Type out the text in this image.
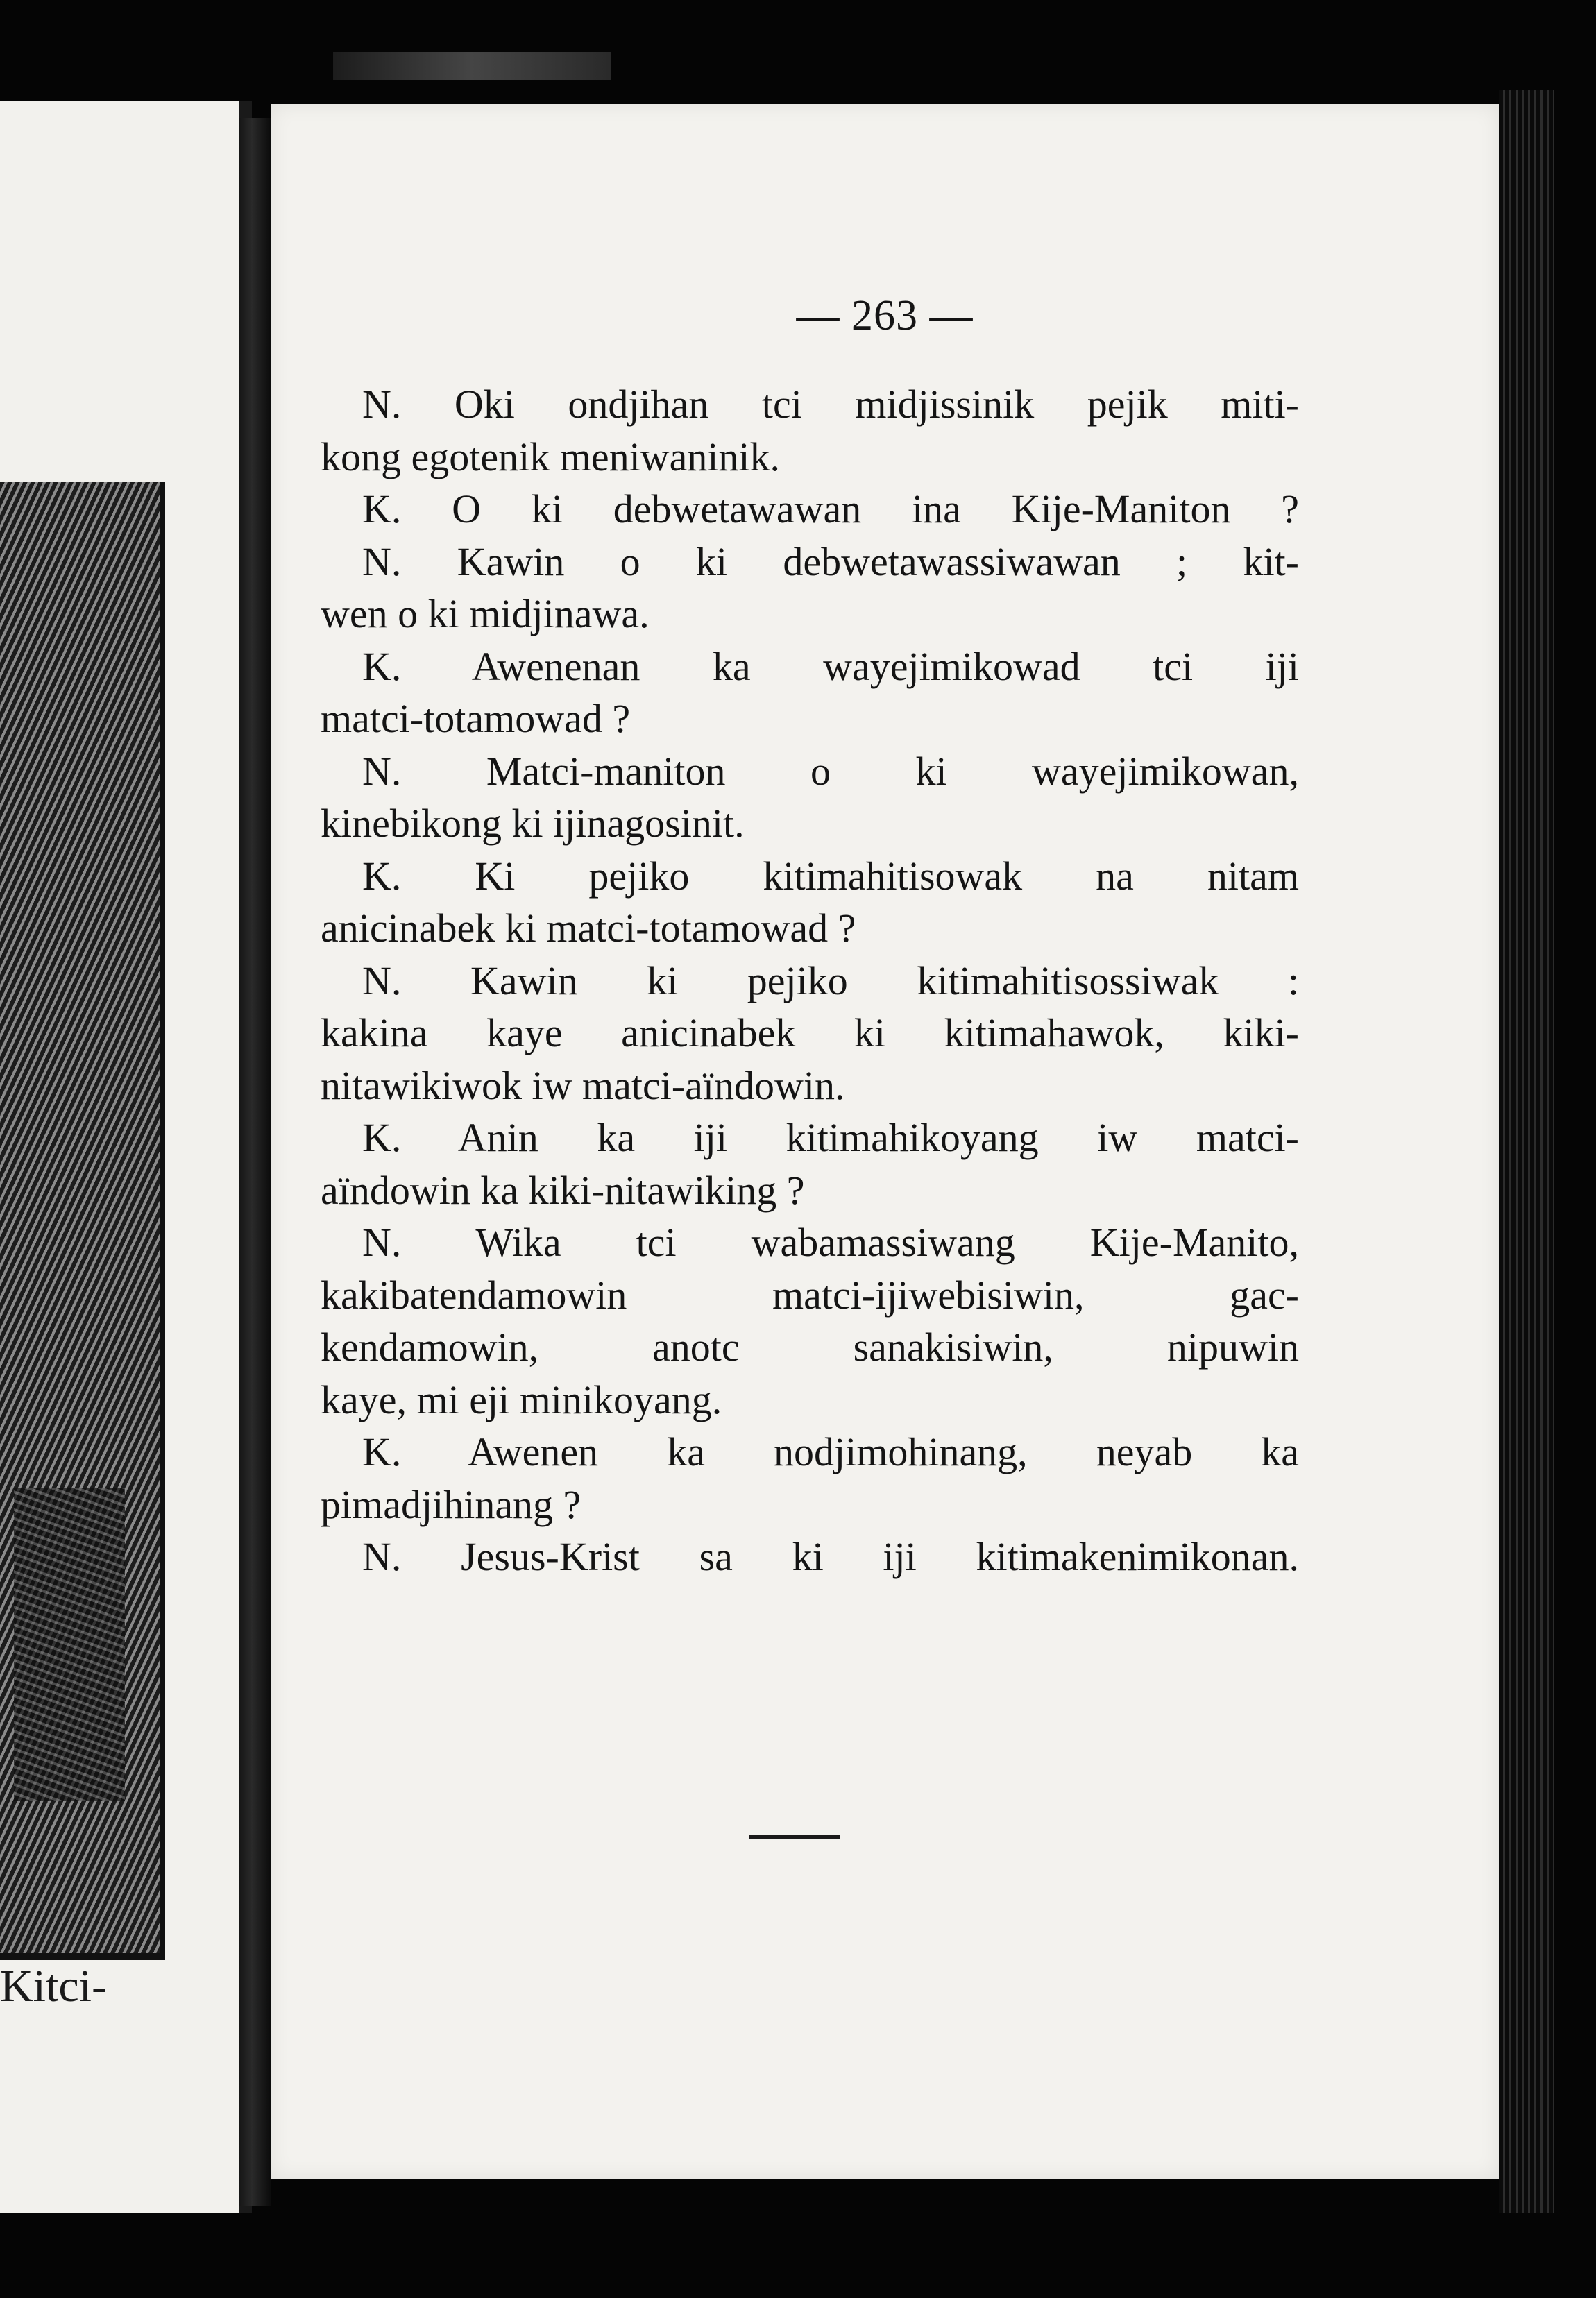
Kitci-
— 263 —
N. Oki ondjihan tci midjissinik pejik miti-
kong egotenik meniwaninik.
K. O ki debwetawawan ina Kije-Maniton ?
N. Kawin o ki debwetawassiwawan ; kit-
wen o ki midjinawa.
K. Awenenan ka wayejimikowad tci iji
matci-totamowad ?
N. Matci-maniton o ki wayejimikowan,
kinebikong ki ijinagosinit.
K. Ki pejiko kitimahitisowak na nitam
anicinabek ki matci-totamowad ?
N. Kawin ki pejiko kitimahitisossiwak :
kakina kaye anicinabek ki kitimahawok, kiki-
nitawikiwok iw matci-aïndowin.
K. Anin ka iji kitimahikoyang iw matci-
aïndowin ka kiki-nitawiking ?
N. Wika tci wabamassiwang Kije-Manito,
kakibatendamowin matci-ijiwebisiwin, gac-
kendamowin, anotc sanakisiwin, nipuwin
kaye, mi eji minikoyang.
K. Awenen ka nodjimohinang, neyab ka
pimadjihinang ?
N. Jesus-Krist sa ki iji kitimakenimikonan.
